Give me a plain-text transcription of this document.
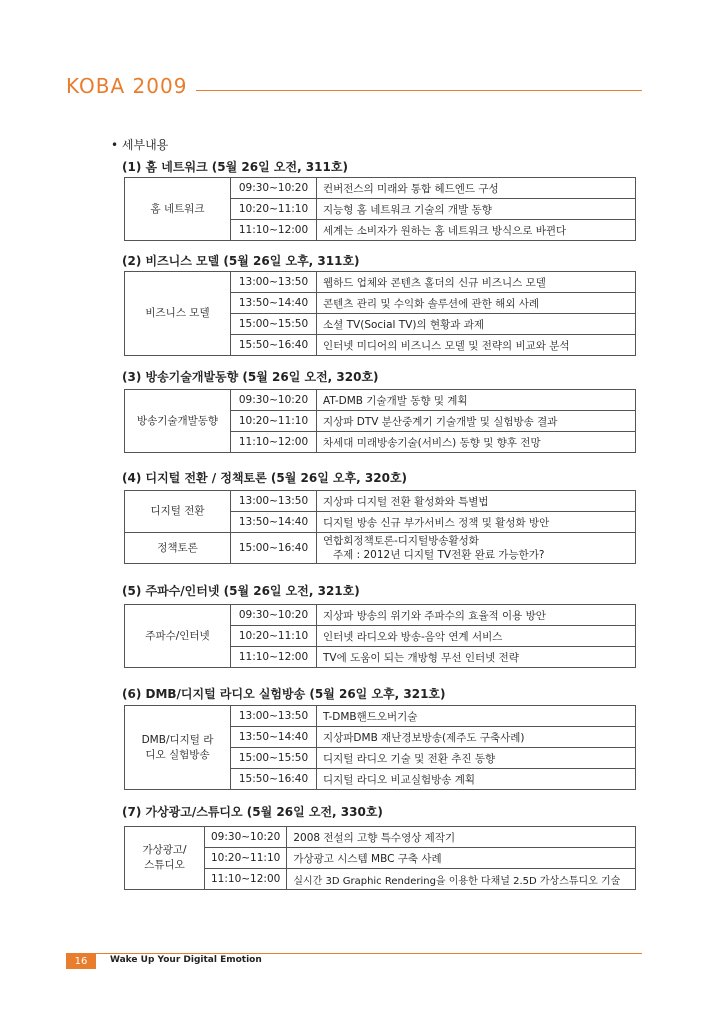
KOBA 2009
• 세부내용
(1) 홈 네트워크 (5월 26일 오전, 311호)
홈 네트워크	09:30~10:20	컨버전스의 미래와 통합 헤드엔드 구성
	10:20~11:10	지능형 홈 네트워크 기술의 개발 동향
	11:10~12:00	세계는 소비자가 원하는 홈 네트워크 방식으로 바뀐다
(2) 비즈니스 모델 (5월 26일 오후, 311호)
비즈니스 모델	13:00~13:50	웹하드 업체와 콘텐츠 홀더의 신규 비즈니스 모델
	13:50~14:40	콘텐츠 관리 및 수익화 솔루션에 관한 해외 사례
	15:00~15:50	소셜 TV(Social TV)의 현황과 과제
	15:50~16:40	인터넷 미디어의 비즈니스 모델 및 전략의 비교와 분석
(3) 방송기술개발동향 (5월 26일 오전, 320호)
방송기술개발동향	09:30~10:20	AT-DMB 기술개발 동향 및 계획
	10:20~11:10	지상파 DTV 분산중계기 기술개발 및 실험방송 결과
	11:10~12:00	차세대 미래방송기술(서비스) 동향 및 향후 전망
(4) 디지털 전환 / 정책토론 (5월 26일 오후, 320호)
디지털 전환	13:00~13:50	지상파 디지털 전환 활성화와 특별법
	13:50~14:40	디지털 방송 신규 부가서비스 정책 및 활성화 방안
정책토론	15:00~16:40	연합회정책토론-디지털방송활성화
주제 : 2012년 디지털 TV전환 완료 가능한가?
(5) 주파수/인터넷 (5월 26일 오전, 321호)
주파수/인터넷	09:30~10:20	지상파 방송의 위기와 주파수의 효율적 이용 방안
	10:20~11:10	인터넷 라디오와 방송-음악 연계 서비스
	11:10~12:00	TV에 도움이 되는 개방형 무선 인터넷 전략
(6) DMB/디지털 라디오 실험방송 (5월 26일 오후, 321호)
DMB/디지털 라디오 실험방송	13:00~13:50	T-DMB핸드오버기술
	13:50~14:40	지상파DMB 재난경보방송(제주도 구축사례)
	15:00~15:50	디지털 라디오 기술 및 전환 추진 동향
	15:50~16:40	디지털 라디오 비교실험방송 계획
(7) 가상광고/스튜디오 (5월 26일 오전, 330호)
가상광고/ 스튜디오	09:30~10:20	2008 전설의 고향 특수영상 제작기
	10:20~11:10	가상광고 시스템 MBC 구축 사례
	11:10~12:00	실시간 3D Graphic Rendering을 이용한 다채널 2.5D 가상스튜디오 기술
16	Wake Up Your Digital Emotion
